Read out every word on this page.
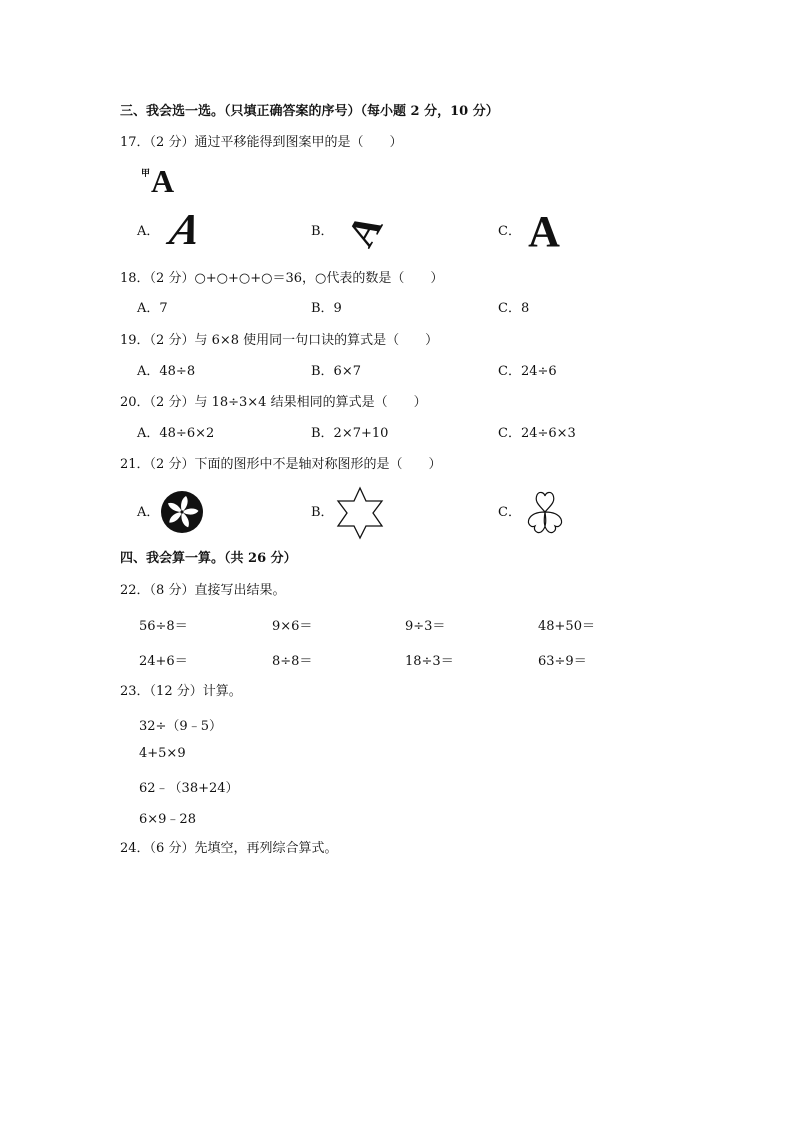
三、我会选一选。（只填正确答案的序号）（每小题 2 分，10 分）
17．（2 分）通过平移能得到图案甲的是（　　）
甲 A
A． A	B． A	C． A
18．（2 分）○+○+○+○＝36，○代表的数是（　　）
A．7	B．9	C．8
19．（2 分）与 6×8 使用同一句口诀的算式是（　　）
A．48÷8	B．6×7	C．24÷6
20．（2 分）与 18÷3×4 结果相同的算式是（　　）
A．48÷6×2	B．2×7+10	C．24÷6×3
21．（2 分）下面的图形中不是轴对称图形的是（　　）
A．	B．	C．
四、我会算一算。（共 26 分）
22．（8 分）直接写出结果。
56÷8＝	9×6＝	9÷3＝	48+50＝
24+6＝	8÷8＝	18÷3＝	63÷9＝
23．（12 分）计算。
32÷（9﹣5）
4+5×9
62﹣（38+24）
6×9﹣28
24．（6 分）先填空，再列综合算式。
